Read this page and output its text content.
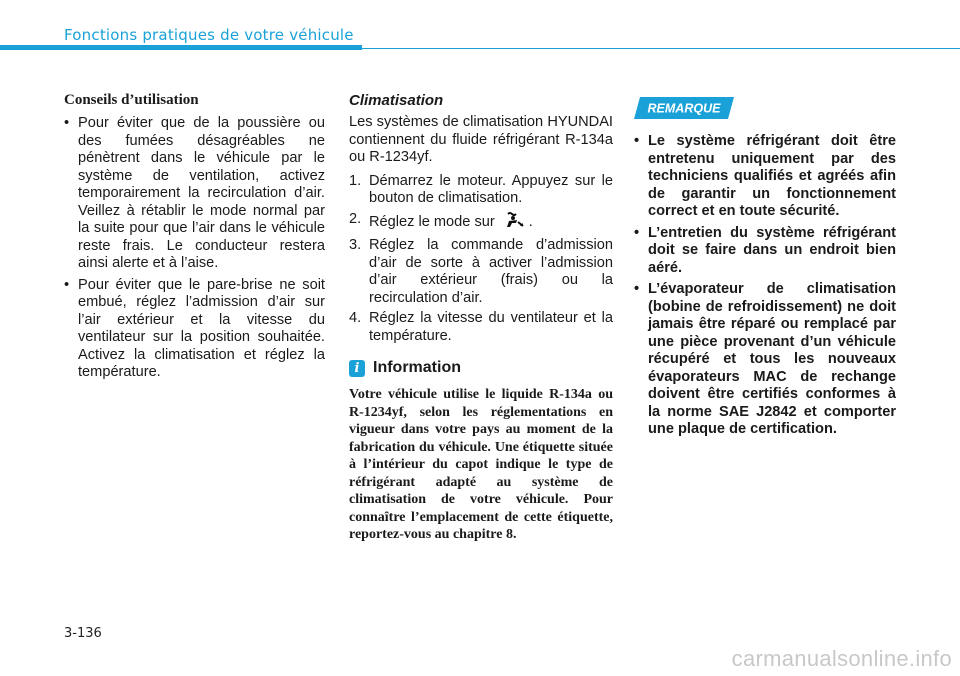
Fonctions pratiques de votre véhicule
Conseils d’utilisation
• Pour éviter que de la poussière ou des fumées désagréables ne pénètrent dans le véhicule par le système de ventilation, activez temporairement la recirculation d’air. Veillez à rétablir le mode normal par la suite pour que l’air dans le véhicule reste frais. Le conducteur restera ainsi alerte et à l’aise.
• Pour éviter que le pare-brise ne soit embué, réglez l’admission d’air sur l’air extérieur et la vitesse du ventilateur sur la position souhaitée. Activez la climatisation et réglez la température.
Climatisation

Les systèmes de climatisation HYUNDAI contiennent du fluide réfrigérant R-134a ou R-1234yf.

1. Démarrez le moteur. Appuyez sur le bouton de climatisation.
2. Réglez le mode sur .
3. Réglez la commande d’admission d’air de sorte à activer l’admission d’air extérieur (frais) ou la recirculation d’air.
4. Réglez la vitesse du ventilateur et la température.
i Information
Votre véhicule utilise le liquide R-134a ou R-1234yf, selon les réglementations en vigueur dans votre pays au moment de la fabrication du véhicule. Une étiquette située à l’intérieur du capot indique le type de réfrigérant adapté au système de climatisation de votre véhicule. Pour connaître l’emplacement de cette étiquette, reportez-vous au chapitre 8.
REMARQUE
• Le système réfrigérant doit être entretenu uniquement par des techniciens qualifiés et agréés afin de garantir un fonctionnement correct et en toute sécurité.
• L’entretien du système réfrigérant doit se faire dans un endroit bien aéré.
• L’évaporateur de climatisation (bobine de refroidissement) ne doit jamais être réparé ou remplacé par une pièce provenant d’un véhicule récupéré et tous les nouveaux évaporateurs MAC de rechange doivent être certifiés conformes à la norme SAE J2842 et comporter une plaque de certification.
3-136
carmanualsonline.info
